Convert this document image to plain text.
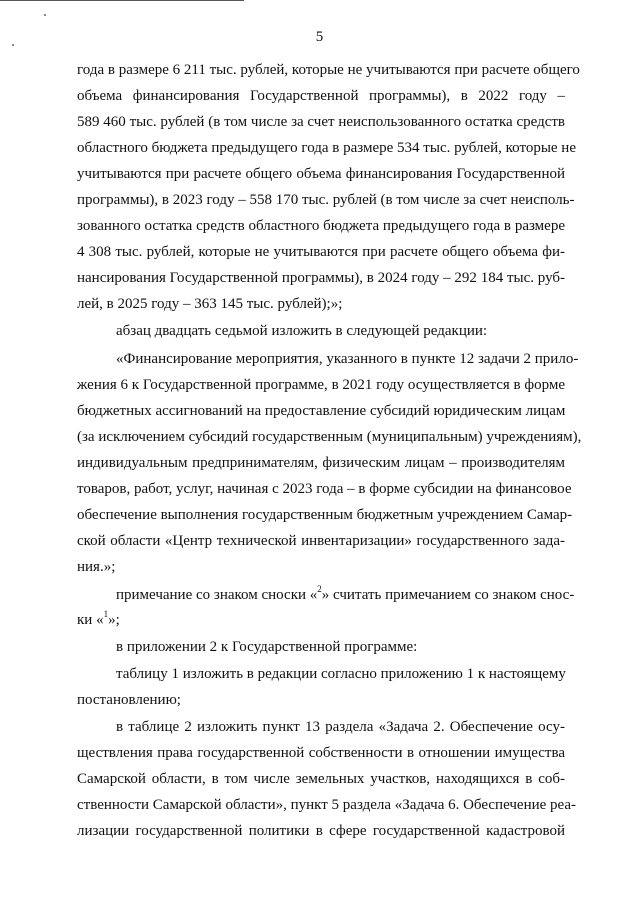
5
года в размере 6 211 тыс. рублей, которые не учитываются при расчете общего
объема финансирования Государственной программы), в 2022 году –
589 460 тыс. рублей (в том числе за счет неиспользованного остатка средств
областного бюджета предыдущего года в размере 534 тыс. рублей, которые не
учитываются при расчете общего объема финансирования Государственной
программы), в 2023 году – 558 170 тыс. рублей (в том числе за счет неисполь-
зованного остатка средств областного бюджета предыдущего года в размере
4 308 тыс. рублей, которые не учитываются при расчете общего объема фи-
нансирования Государственной программы), в 2024 году – 292 184 тыс. руб-
лей, в 2025 году – 363 145 тыс. рублей);»;
абзац двадцать седьмой изложить в следующей редакции:
«Финансирование мероприятия, указанного в пункте 12 задачи 2 прило-
жения 6 к Государственной программе, в 2021 году осуществляется в форме
бюджетных ассигнований на предоставление субсидий юридическим лицам
(за исключением субсидий государственным (муниципальным) учреждениям),
индивидуальным предпринимателям, физическим лицам – производителям
товаров, работ, услуг, начиная с 2023 года – в форме субсидии на финансовое
обеспечение выполнения государственным бюджетным учреждением Самар-
ской области «Центр технической инвентаризации» государственного зада-
ния.»;
примечание со знаком сноски «$^2$» считать примечанием со знаком снос-
ки «$^1$»;
в приложении 2 к Государственной программе:
таблицу 1 изложить в редакции согласно приложению 1 к настоящему
постановлению;
в таблице 2 изложить пункт 13 раздела «Задача 2. Обеспечение осу-
ществления права государственной собственности в отношении имущества
Самарской области, в том числе земельных участков, находящихся в соб-
ственности Самарской области», пункт 5 раздела «Задача 6. Обеспечение реа-
лизации государственной политики в сфере государственной кадастровой
